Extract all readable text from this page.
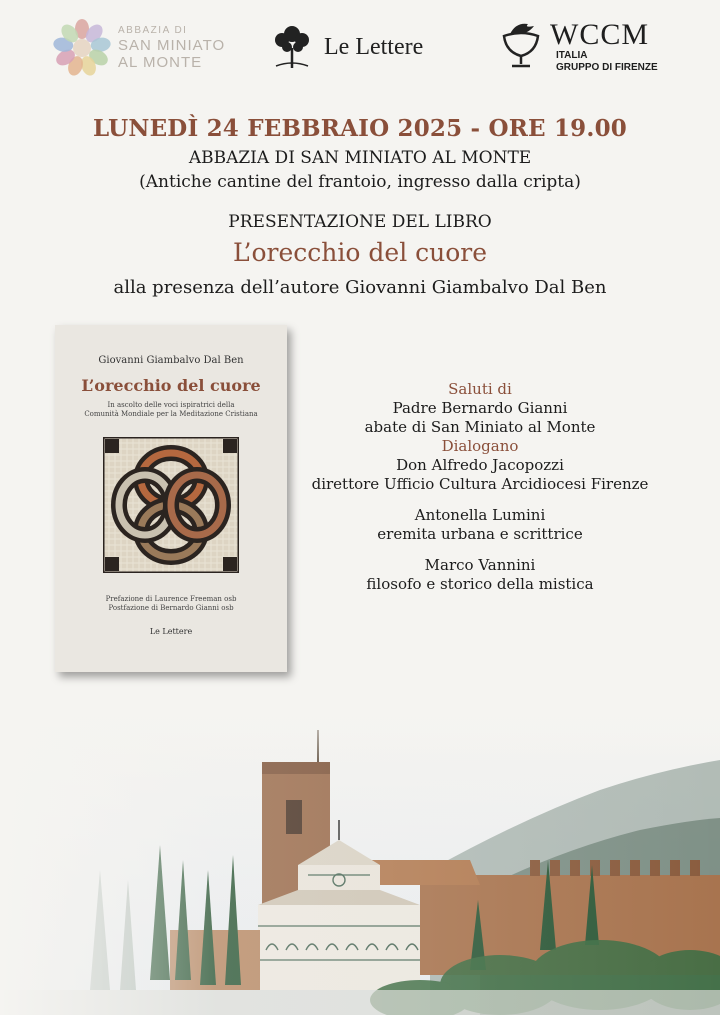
ABBAZIA DI
SAN MINIATO
AL MONTE
Le Lettere	WCCM
ITALIA
GRUPPO DI FIRENZE
LUNEDÌ 24 FEBBRAIO 2025 - ORE 19.00
ABBAZIA DI SAN MINIATO AL MONTE
(Antiche cantine del frantoio, ingresso dalla cripta)
PRESENTAZIONE DEL LIBRO
L’orecchio del cuore
alla presenza dell’autore Giovanni Giambalvo Dal Ben
Giovanni Giambalvo Dal Ben
L’orecchio del cuore
In ascolto delle voci ispiratrici della
Comunità Mondiale per la Meditazione Cristiana
Prefazione di Laurence Freeman osb
Postfazione di Bernardo Gianni osb
Le Lettere
Saluti di
Padre Bernardo Gianni
abate di San Miniato al Monte
Dialogano
Don Alfredo Jacopozzi
direttore Ufficio Cultura Arcidiocesi Firenze
Antonella Lumini
eremita urbana e scrittrice
Marco Vannini
filosofo e storico della mistica
